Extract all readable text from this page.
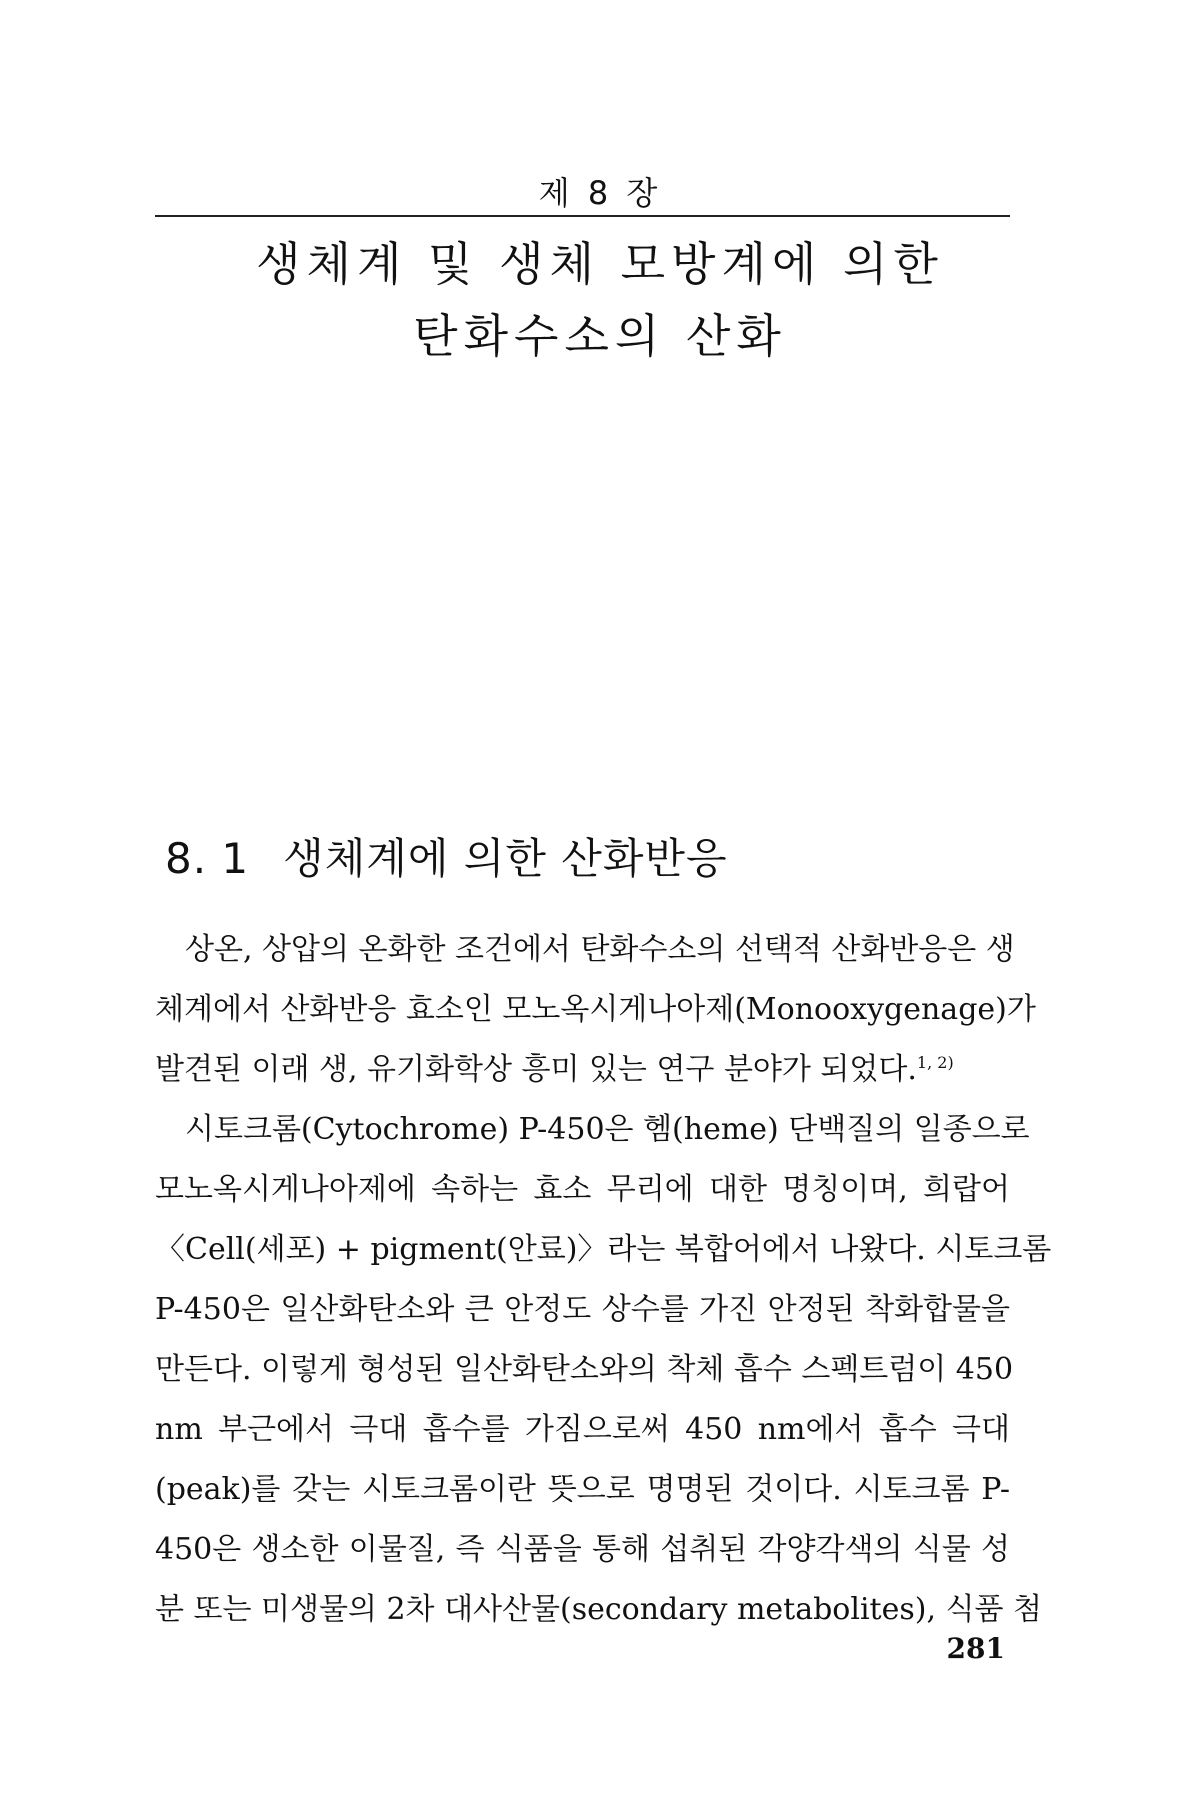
제 8 장
생체계 및 생체 모방계에 의한
탄화수소의 산화
8. 1 생체계에 의한 산화반응
상온, 상압의 온화한 조건에서 탄화수소의 선택적 산화반응은 생
체계에서 산화반응 효소인 모노옥시게나아제(Monooxygenage)가
발견된 이래 생, 유기화학상 흥미 있는 연구 분야가 되었다.$^{1, 2)}$
시토크롬(Cytochrome) P-450은 헴(heme) 단백질의 일종으로
모노옥시게나아제에 속하는 효소 무리에 대한 명칭이며, 희랍어
〈Cell(세포) + pigment(안료)〉라는 복합어에서 나왔다. 시토크롬
P-450은 일산화탄소와 큰 안정도 상수를 가진 안정된 착화합물을
만든다. 이렇게 형성된 일산화탄소와의 착체 흡수 스펙트럼이 450
nm 부근에서 극대 흡수를 가짐으로써 450 nm에서 흡수 극대
(peak)를 갖는 시토크롬이란 뜻으로 명명된 것이다. 시토크롬 P-
450은 생소한 이물질, 즉 식품을 통해 섭취된 각양각색의 식물 성
분 또는 미생물의 2차 대사산물(secondary metabolites), 식품 첨
281
